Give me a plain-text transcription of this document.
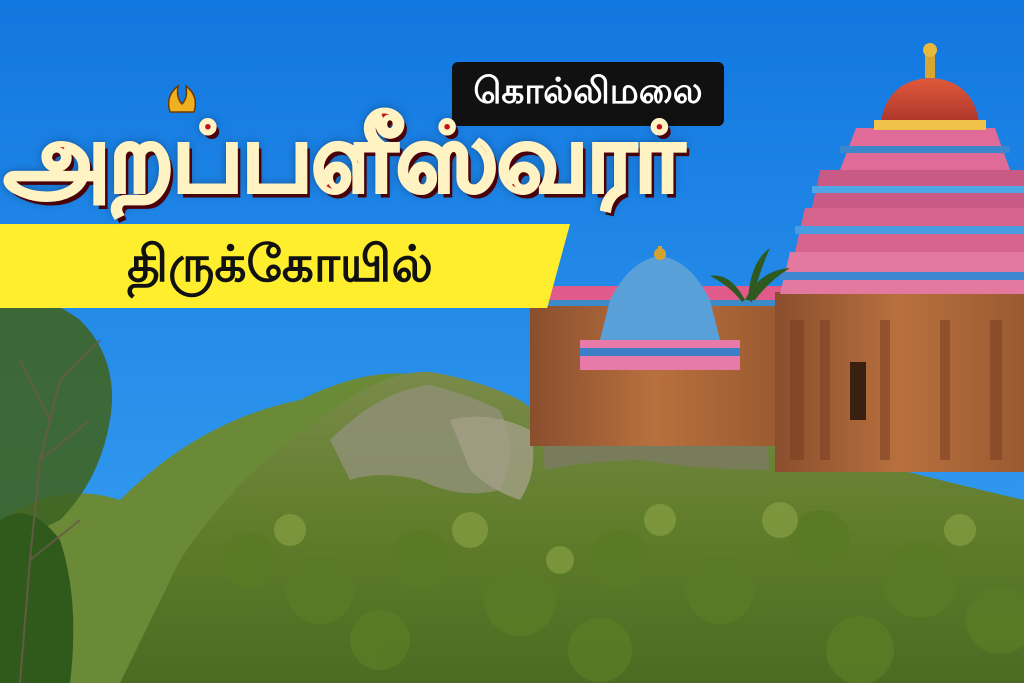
கொல்லிமலை
திருக்கோயில்
அறப்பளீஸ்வரர்
